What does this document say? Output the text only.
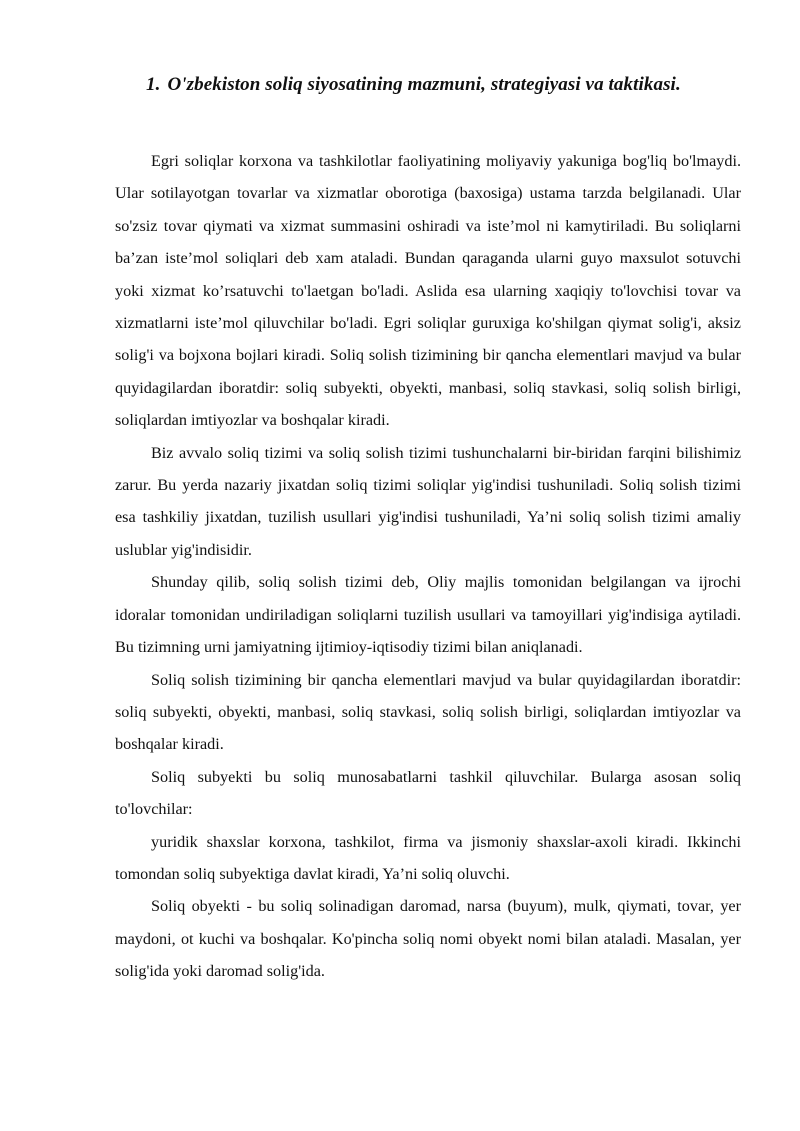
1. O'zbekiston soliq siyosatining mazmuni, strategiyasi va taktikasi.

Egri soliqlar korxona va tashkilotlar faoliyatining moliyaviy yakuniga bog'liq bo'lmaydi. Ular sotilayotgan tovarlar va xizmatlar oborotiga (baxosiga) ustama tarzda belgilanadi. Ular so'zsiz tovar qiymati va xizmat summasini oshiradi va iste’mol ni kamytiriladi. Bu soliqlarni ba’zan iste’mol soliqlari deb xam ataladi. Bundan qaraganda ularni guyo maxsulot sotuvchi yoki xizmat ko’rsatuvchi to'laetgan bo'ladi. Aslida esa ularning xaqiqiy to'lovchisi tovar va xizmatlarni iste’mol qiluvchilar bo'ladi. Egri soliqlar guruxiga ko'shilgan qiymat solig'i, aksiz solig'i va bojxona bojlari kiradi. Soliq solish tizimining bir qancha elementlari mavjud va bular quyidagilardan iboratdir: soliq subyekti, obyekti, manbasi, soliq stavkasi, soliq solish birligi, soliqlardan imtiyozlar va boshqalar kiradi.

Biz avvalo soliq tizimi va soliq solish tizimi tushunchalarni bir-biridan farqini bilishimiz zarur. Bu yerda nazariy jixatdan soliq tizimi soliqlar yig'indisi tushuniladi. Soliq solish tizimi esa tashkiliy jixatdan, tuzilish usullari yig'indisi tushuniladi, Ya’ni soliq solish tizimi amaliy uslublar yig'indisidir.

Shunday qilib, soliq solish tizimi deb, Oliy majlis tomonidan belgilangan va ijrochi idoralar tomonidan undiriladigan soliqlarni tuzilish usullari va tamoyillari yig'indisiga aytiladi. Bu tizimning urni jamiyatning ijtimioy-iqtisodiy tizimi bilan aniqlanadi.

Soliq solish tizimining bir qancha elementlari mavjud va bular quyidagilardan iboratdir: soliq subyekti, obyekti, manbasi, soliq stavkasi, soliq solish birligi, soliqlardan imtiyozlar va boshqalar kiradi.

Soliq subyekti bu soliq munosabatlarni tashkil qiluvchilar. Bularga asosan soliq to'lovchilar:

yuridik shaxslar korxona, tashkilot, firma va jismoniy shaxslar-axoli kiradi. Ikkinchi tomondan soliq subyektiga davlat kiradi, Ya’ni soliq oluvchi.

Soliq obyekti - bu soliq solinadigan daromad, narsa (buyum), mulk, qiymati, tovar, yer maydoni, ot kuchi va boshqalar. Ko'pincha soliq nomi obyekt nomi bilan ataladi. Masalan, yer solig'ida yoki daromad solig'ida.
